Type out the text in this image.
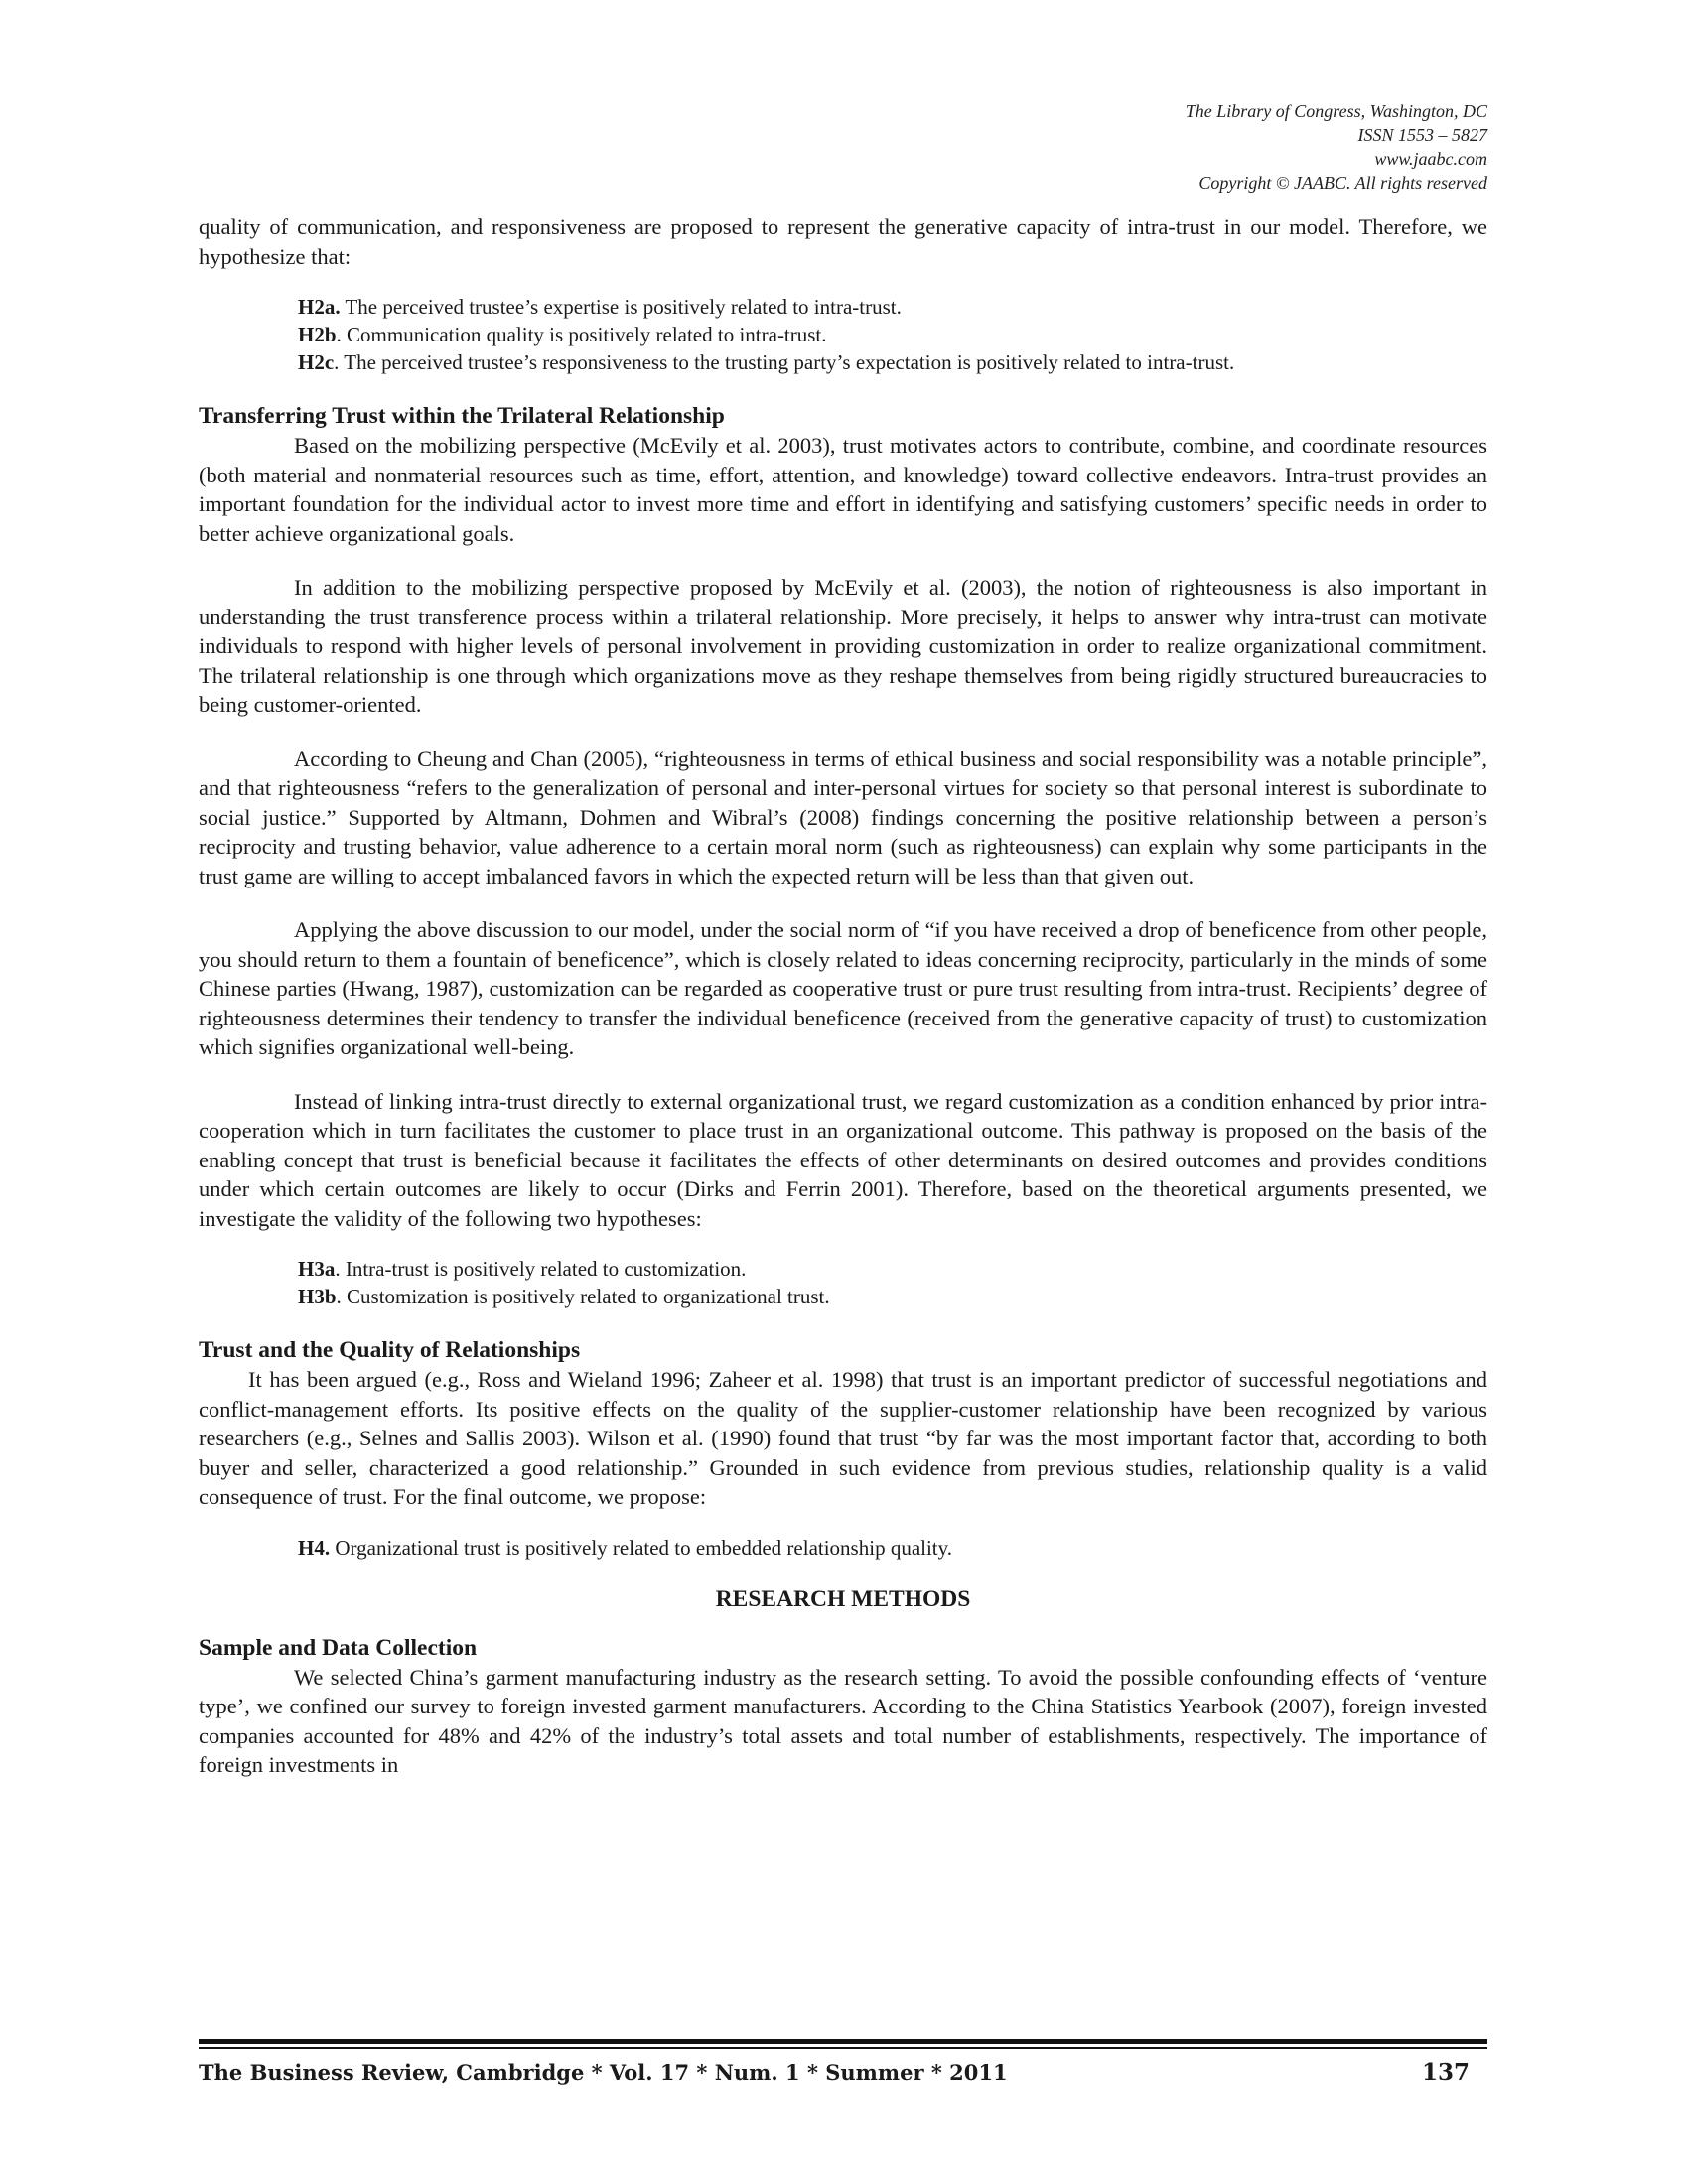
The Library of Congress, Washington, DC
ISSN 1553 – 5827
www.jaabc.com
Copyright © JAABC. All rights reserved

quality of communication, and responsiveness are proposed to represent the generative capacity of intra-trust in our model. Therefore, we hypothesize that:

H2a. The perceived trustee’s expertise is positively related to intra-trust.
H2b. Communication quality is positively related to intra-trust.
H2c. The perceived trustee’s responsiveness to the trusting party’s expectation is positively related to intra-trust.
Transferring Trust within the Trilateral Relationship

Based on the mobilizing perspective (McEvily et al. 2003), trust motivates actors to contribute, combine, and coordinate resources (both material and nonmaterial resources such as time, effort, attention, and knowledge) toward collective endeavors. Intra-trust provides an important foundation for the individual actor to invest more time and effort in identifying and satisfying customers’ specific needs in order to better achieve organizational goals.

In addition to the mobilizing perspective proposed by McEvily et al. (2003), the notion of righteousness is also important in understanding the trust transference process within a trilateral relationship. More precisely, it helps to answer why intra-trust can motivate individuals to respond with higher levels of personal involvement in providing customization in order to realize organizational commitment. The trilateral relationship is one through which organizations move as they reshape themselves from being rigidly structured bureaucracies to being customer-oriented.

According to Cheung and Chan (2005), “righteousness in terms of ethical business and social responsibility was a notable principle”, and that righteousness “refers to the generalization of personal and inter-personal virtues for society so that personal interest is subordinate to social justice.” Supported by Altmann, Dohmen and Wibral’s (2008) findings concerning the positive relationship between a person’s reciprocity and trusting behavior, value adherence to a certain moral norm (such as righteousness) can explain why some participants in the trust game are willing to accept imbalanced favors in which the expected return will be less than that given out.

Applying the above discussion to our model, under the social norm of “if you have received a drop of beneficence from other people, you should return to them a fountain of beneficence”, which is closely related to ideas concerning reciprocity, particularly in the minds of some Chinese parties (Hwang, 1987), customization can be regarded as cooperative trust or pure trust resulting from intra-trust. Recipients’ degree of righteousness determines their tendency to transfer the individual beneficence (received from the generative capacity of trust) to customization which signifies organizational well-being.

Instead of linking intra-trust directly to external organizational trust, we regard customization as a condition enhanced by prior intra-cooperation which in turn facilitates the customer to place trust in an organizational outcome. This pathway is proposed on the basis of the enabling concept that trust is beneficial because it facilitates the effects of other determinants on desired outcomes and provides conditions under which certain outcomes are likely to occur (Dirks and Ferrin 2001). Therefore, based on the theoretical arguments presented, we investigate the validity of the following two hypotheses:

H3a. Intra-trust is positively related to customization.
H3b. Customization is positively related to organizational trust.
Trust and the Quality of Relationships

It has been argued (e.g., Ross and Wieland 1996; Zaheer et al. 1998) that trust is an important predictor of successful negotiations and conflict-management efforts. Its positive effects on the quality of the supplier-customer relationship have been recognized by various researchers (e.g., Selnes and Sallis 2003). Wilson et al. (1990) found that trust “by far was the most important factor that, according to both buyer and seller, characterized a good relationship.” Grounded in such evidence from previous studies, relationship quality is a valid consequence of trust. For the final outcome, we propose:

H4. Organizational trust is positively related to embedded relationship quality.
RESEARCH METHODS
Sample and Data Collection

We selected China’s garment manufacturing industry as the research setting. To avoid the possible confounding effects of ‘venture type’, we confined our survey to foreign invested garment manufacturers. According to the China Statistics Yearbook (2007), foreign invested companies accounted for 48% and 42% of the industry’s total assets and total number of establishments, respectively. The importance of foreign investments in

The Business Review, Cambridge * Vol. 17 * Num. 1 * Summer * 2011	137
